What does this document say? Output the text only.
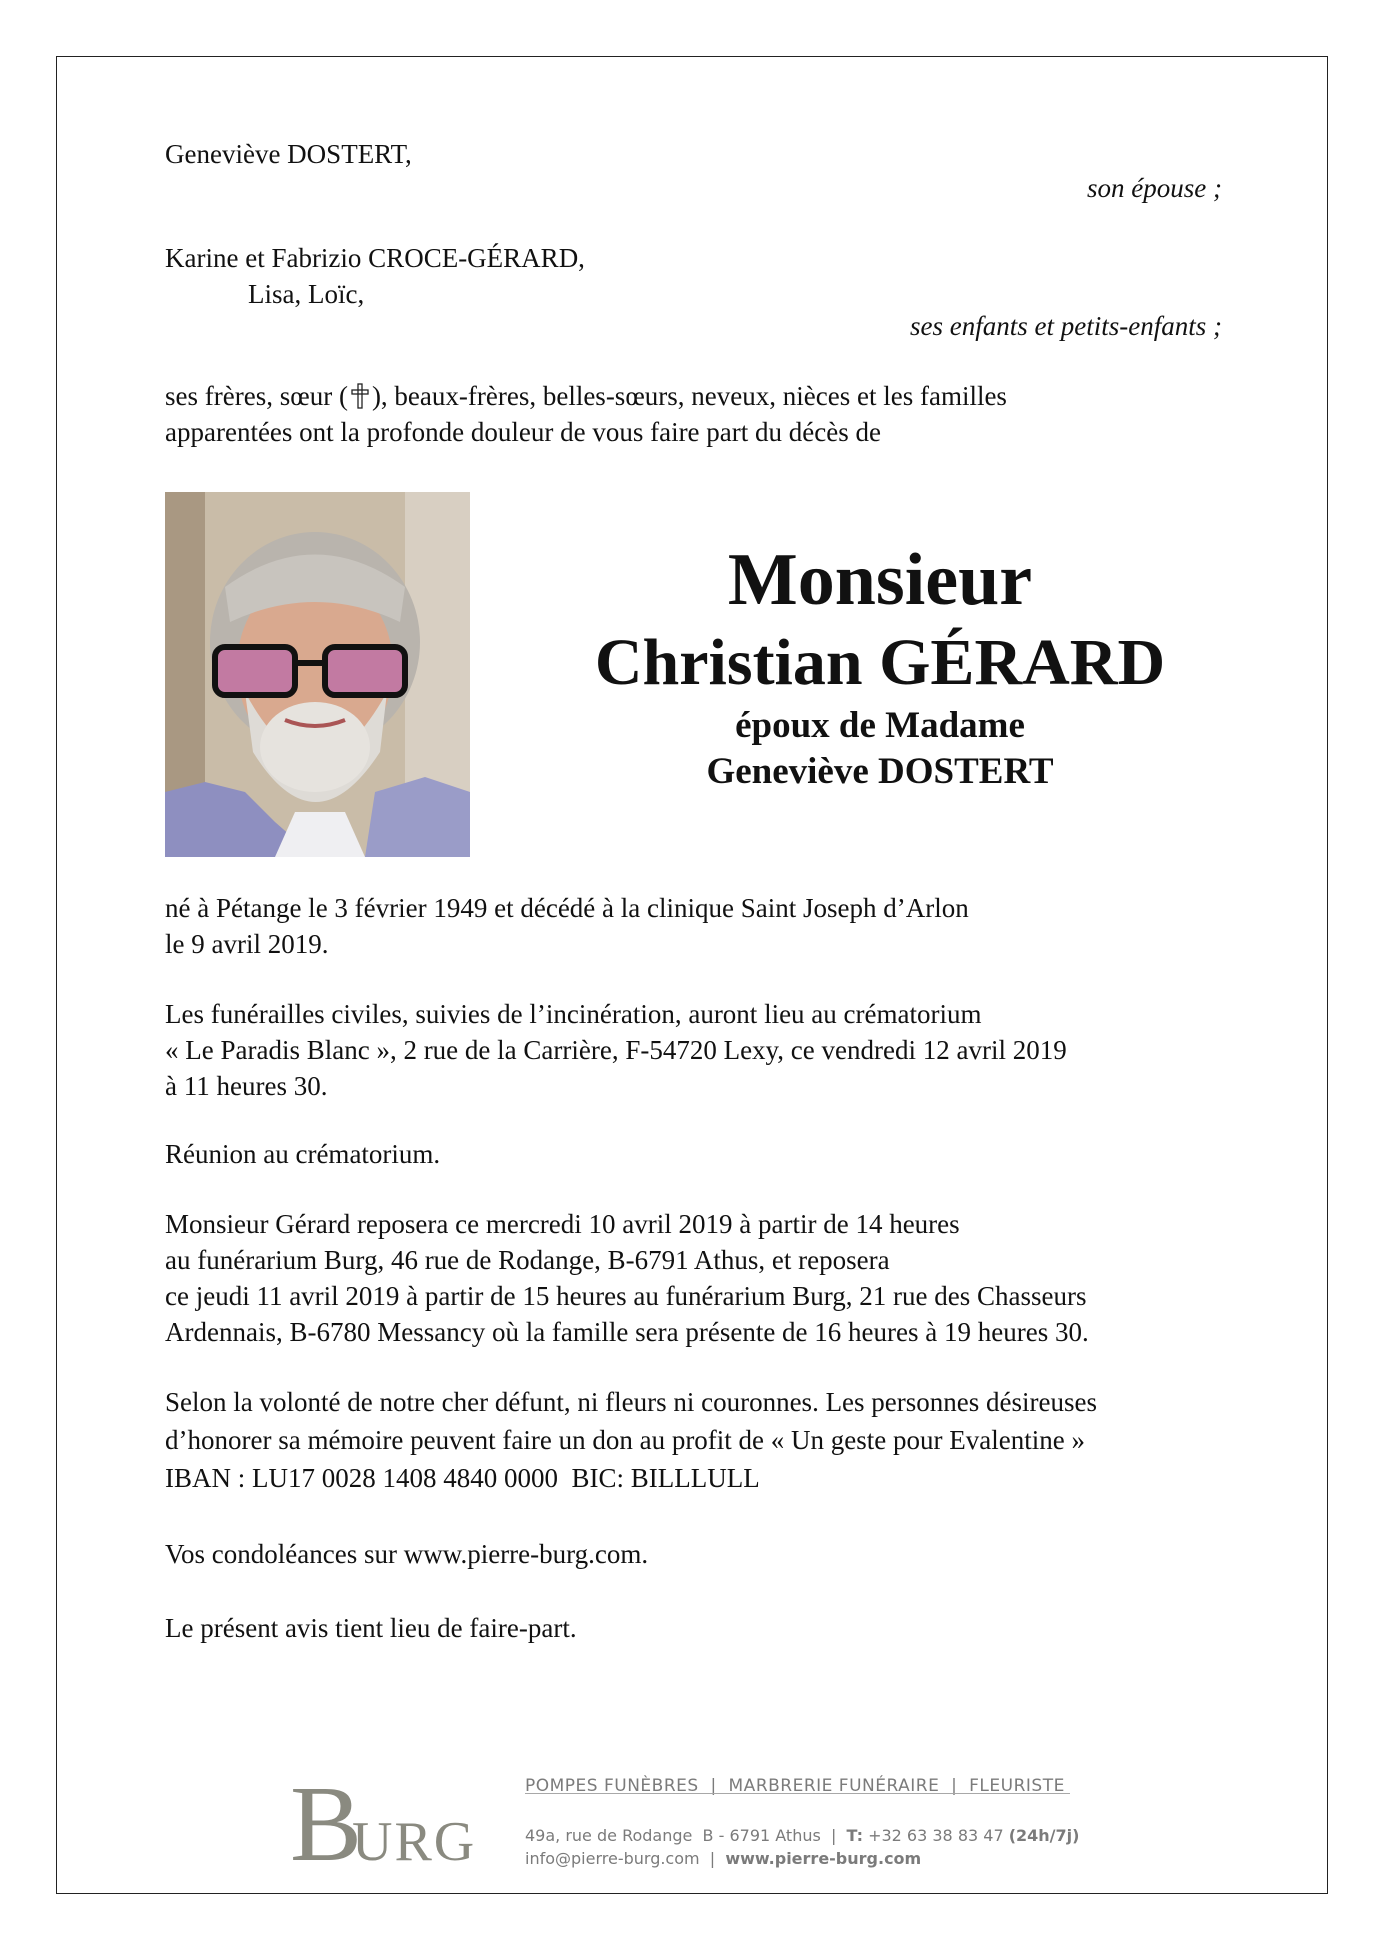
Geneviève DOSTERT,
son épouse ;
Karine et Fabrizio CROCE-GÉRARD,
Lisa, Loïc,
ses enfants et petits-enfants ;
ses frères, sœur ( ), beaux-frères, belles-sœurs, neveux, nièces et les familles
apparentées ont la profonde douleur de vous faire part du décès de
Monsieur
Christian GÉRARD
époux de Madame
Geneviève DOSTERT
né à Pétange le 3 février 1949 et décédé à la clinique Saint Joseph d’Arlon
le 9 avril 2019.
Les funérailles civiles, suivies de l’incinération, auront lieu au crématorium
« Le Paradis Blanc », 2 rue de la Carrière, F-54720 Lexy, ce vendredi 12 avril 2019
à 11 heures 30.
Réunion au crématorium.
Monsieur Gérard reposera ce mercredi 10 avril 2019 à partir de 14 heures
au funérarium Burg, 46 rue de Rodange, B-6791 Athus, et reposera
ce jeudi 11 avril 2019 à partir de 15 heures au funérarium Burg, 21 rue des Chasseurs
Ardennais, B-6780 Messancy où la famille sera présente de 16 heures à 19 heures 30.
Selon la volonté de notre cher défunt, ni fleurs ni couronnes. Les personnes désireuses
d’honorer sa mémoire peuvent faire un don au profit de « Un geste pour Evalentine »
IBAN : LU17 0028 1408 4840 0000  BIC: BILLLULL
Vos condoléances sur www.pierre-burg.com.
Le présent avis tient lieu de faire-part.
B
URG
POMPES FUNÈBRES  |  MARBRERIE FUNÉRAIRE  |  FLEURISTE
49a, rue de Rodange  B - 6791 Athus  | T: +32 63 38 83 47 (24h/7j)
info@pierre-burg.com  | www.pierre-burg.com
